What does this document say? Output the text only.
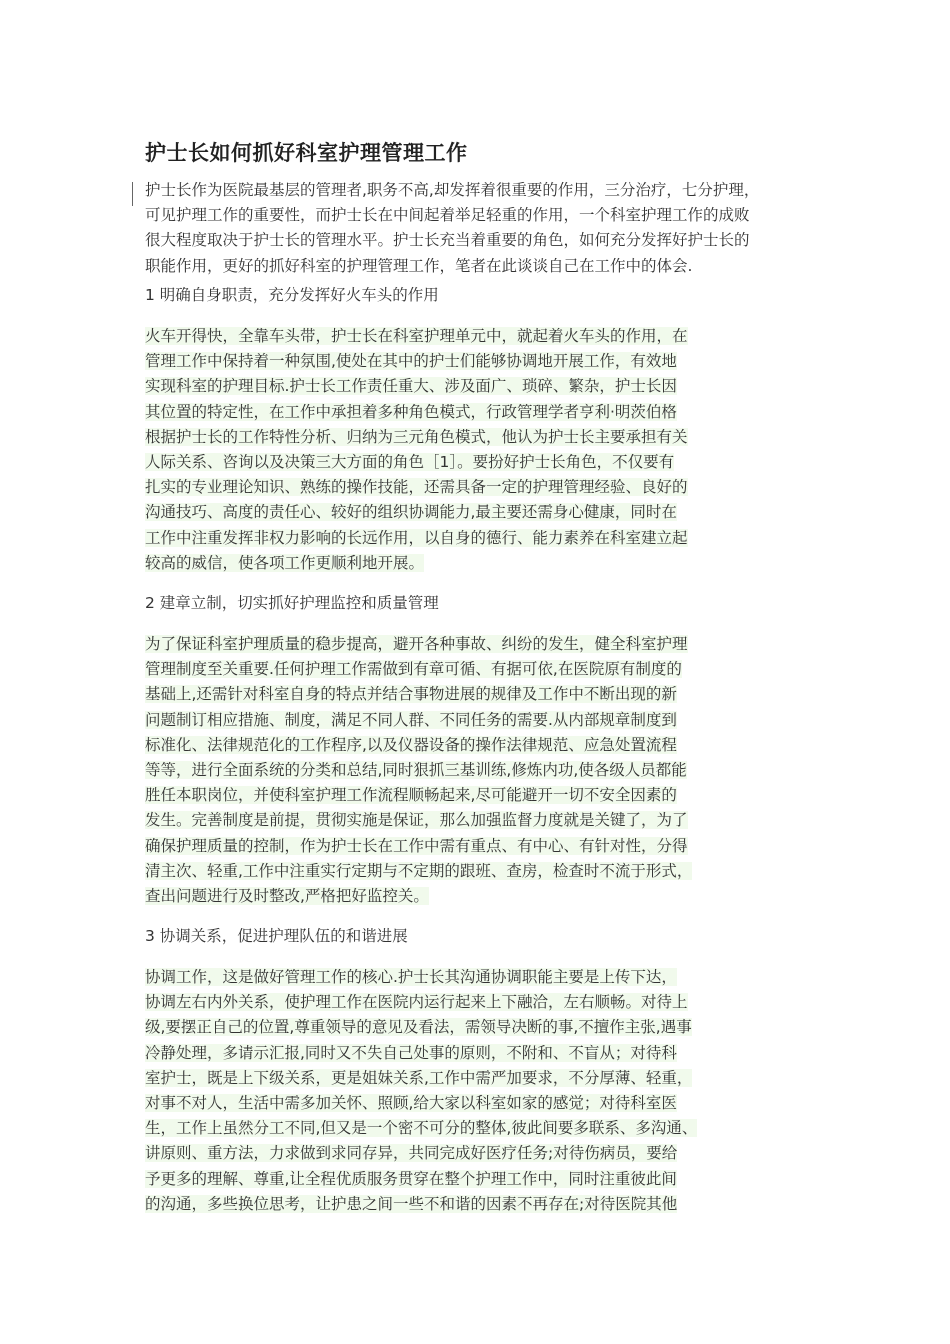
护士长如何抓好科室护理管理工作
护士长作为医院最基层的管理者,职务不高,却发挥着很重要的作用，三分治疗，七分护理，
可见护理工作的重要性，而护士长在中间起着举足轻重的作用，一个科室护理工作的成败
很大程度取决于护士长的管理水平。护士长充当着重要的角色，如何充分发挥好护士长的
职能作用，更好的抓好科室的护理管理工作，笔者在此谈谈自己在工作中的体会.

1 明确自身职责，充分发挥好火车头的作用

火车开得快，全靠车头带，护士长在科室护理单元中，就起着火车头的作用，在
管理工作中保持着一种氛围,使处在其中的护士们能够协调地开展工作，有效地
实现科室的护理目标.护士长工作责任重大、涉及面广、琐碎、繁杂，护士长因
其位置的特定性，在工作中承担着多种角色模式，行政管理学者亨利·明茨伯格
根据护士长的工作特性分析、归纳为三元角色模式，他认为护士长主要承担有关
人际关系、咨询以及决策三大方面的角色［1］。要扮好护士长角色，不仅要有
扎实的专业理论知识、熟练的操作技能，还需具备一定的护理管理经验、良好的
沟通技巧、高度的责任心、较好的组织协调能力,最主要还需身心健康，同时在
工作中注重发挥非权力影响的长远作用，以自身的德行、能力素养在科室建立起
较高的威信，使各项工作更顺利地开展。

2 建章立制，切实抓好护理监控和质量管理

为了保证科室护理质量的稳步提高，避开各种事故、纠纷的发生，健全科室护理
管理制度至关重要.任何护理工作需做到有章可循、有据可依,在医院原有制度的
基础上,还需针对科室自身的特点并结合事物进展的规律及工作中不断出现的新
问题制订相应措施、制度，满足不同人群、不同任务的需要.从内部规章制度到
标准化、法律规范化的工作程序,以及仪器设备的操作法律规范、应急处置流程
等等，进行全面系统的分类和总结,同时狠抓三基训练,修炼内功,使各级人员都能
胜任本职岗位，并使科室护理工作流程顺畅起来,尽可能避开一切不安全因素的
发生。完善制度是前提，贯彻实施是保证，那么加强监督力度就是关键了，为了
确保护理质量的控制，作为护士长在工作中需有重点、有中心、有针对性，分得
清主次、轻重,工作中注重实行定期与不定期的跟班、查房，检查时不流于形式，
查出问题进行及时整改,严格把好监控关。

3 协调关系，促进护理队伍的和谐进展

协调工作，这是做好管理工作的核心.护士长其沟通协调职能主要是上传下达，
协调左右内外关系，使护理工作在医院内运行起来上下融洽，左右顺畅。对待上
级,要摆正自己的位置,尊重领导的意见及看法，需领导决断的事,不擅作主张,遇事
冷静处理，多请示汇报,同时又不失自己处事的原则，不附和、不盲从；对待科
室护士，既是上下级关系，更是姐妹关系,工作中需严加要求，不分厚薄、轻重，
对事不对人，生活中需多加关怀、照顾,给大家以科室如家的感觉；对待科室医
生，工作上虽然分工不同,但又是一个密不可分的整体,彼此间要多联系、多沟通、
讲原则、重方法，力求做到求同存异，共同完成好医疗任务;对待伤病员，要给
予更多的理解、尊重,让全程优质服务贯穿在整个护理工作中，同时注重彼此间
的沟通，多些换位思考，让护患之间一些不和谐的因素不再存在;对待医院其他
